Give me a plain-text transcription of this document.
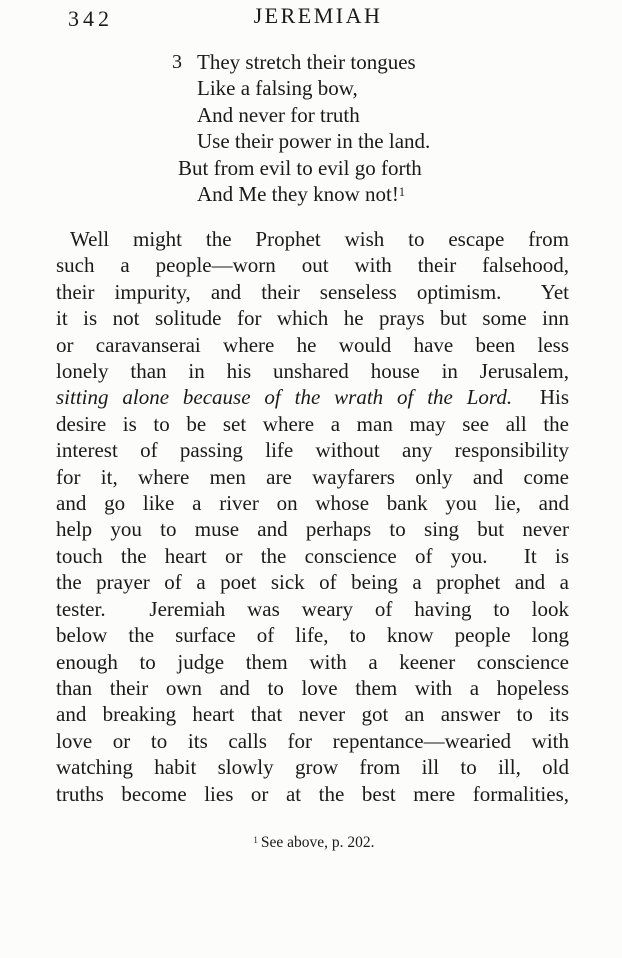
342	JEREMIAH
3 They stretch their tongues
Like a falsing bow,
And never for truth
Use their power in the land.
But from evil to evil go forth
And Me they know not!$^1$
Well might the Prophet wish to escape from
such a people—worn out with their falsehood,
their impurity, and their senseless optimism.  Yet
it is not solitude for which he prays but some inn
or caravanserai where he would have been less
lonely than in his unshared house in Jerusalem,
sitting alone because of the wrath of the Lord.  His
desire is to be set where a man may see all the
interest of passing life without any responsibility
for it, where men are wayfarers only and come
and go like a river on whose bank you lie, and
help you to muse and perhaps to sing but never
touch the heart or the conscience of you.  It is
the prayer of a poet sick of being a prophet and a
tester.  Jeremiah was weary of having to look
below the surface of life, to know people long
enough to judge them with a keener conscience
than their own and to love them with a hopeless
and breaking heart that never got an answer to its
love or to its calls for repentance—wearied with
watching habit slowly grow from ill to ill, old
truths become lies or at the best mere formalities,
$^1$ See above, p. 202.
